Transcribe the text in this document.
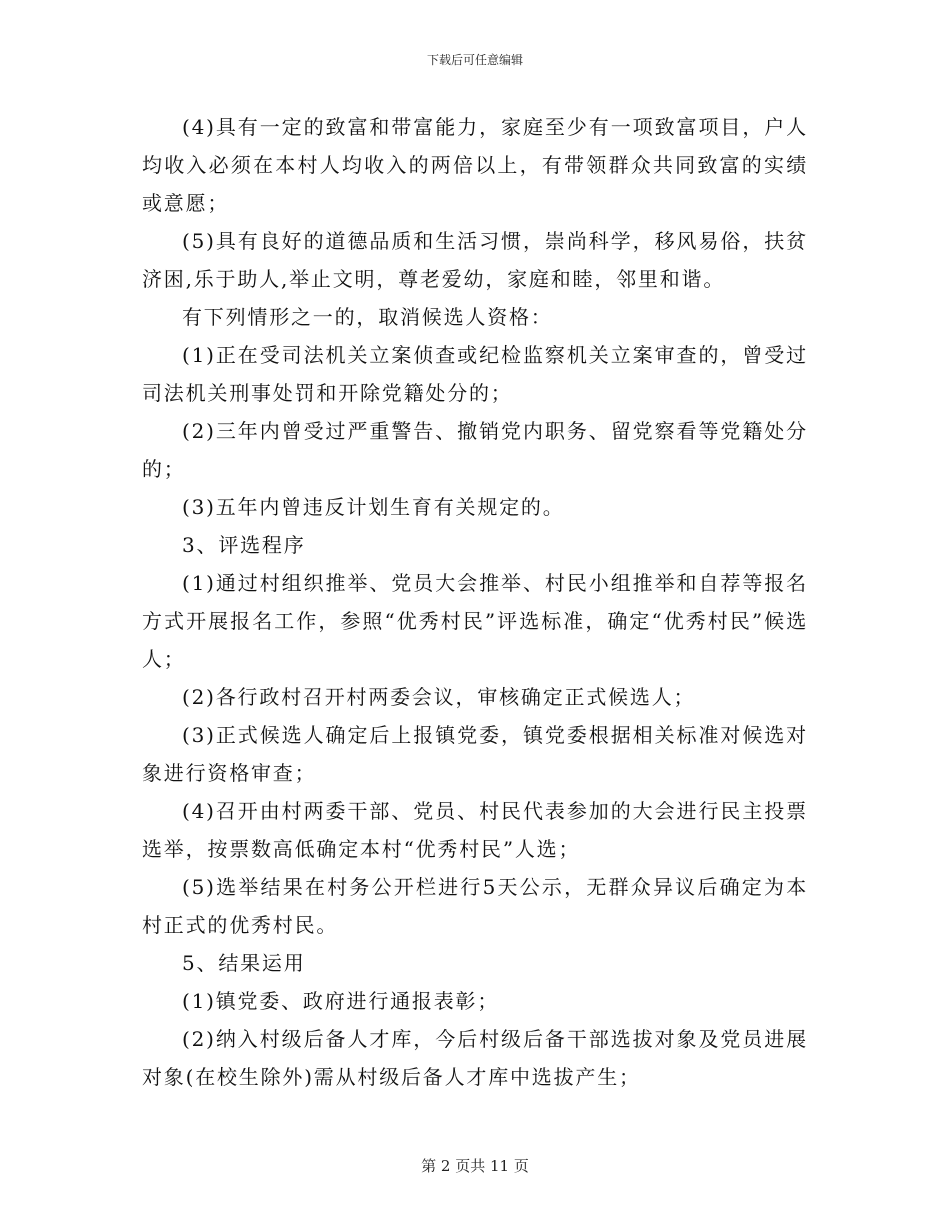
下载后可任意编辑

(4)具有一定的致富和带富能力，家庭至少有一项致富项目，户人均收入必须在本村人均收入的两倍以上，有带领群众共同致富的实绩或意愿；

(5)具有良好的道德品质和生活习惯，崇尚科学，移风易俗，扶贫济困,乐于助人,举止文明，尊老爱幼，家庭和睦，邻里和谐。

有下列情形之一的，取消候选人资格：

(1)正在受司法机关立案侦查或纪检监察机关立案审查的，曾受过司法机关刑事处罚和开除党籍处分的；

(2)三年内曾受过严重警告、撤销党内职务、留党察看等党籍处分的；

(3)五年内曾违反计划生育有关规定的。

3、评选程序

(1)通过村组织推举、党员大会推举、村民小组推举和自荐等报名方式开展报名工作，参照“优秀村民”评选标准，确定“优秀村民”候选人；

(2)各行政村召开村两委会议，审核确定正式候选人；

(3)正式候选人确定后上报镇党委，镇党委根据相关标准对候选对象进行资格审查；

(4)召开由村两委干部、党员、村民代表参加的大会进行民主投票选举，按票数高低确定本村“优秀村民”人选；

(5)选举结果在村务公开栏进行5天公示，无群众异议后确定为本村正式的优秀村民。

5、结果运用

(1)镇党委、政府进行通报表彰；

(2)纳入村级后备人才库，今后村级后备干部选拔对象及党员进展对象(在校生除外)需从村级后备人才库中选拔产生；

第 2 页共 11 页
